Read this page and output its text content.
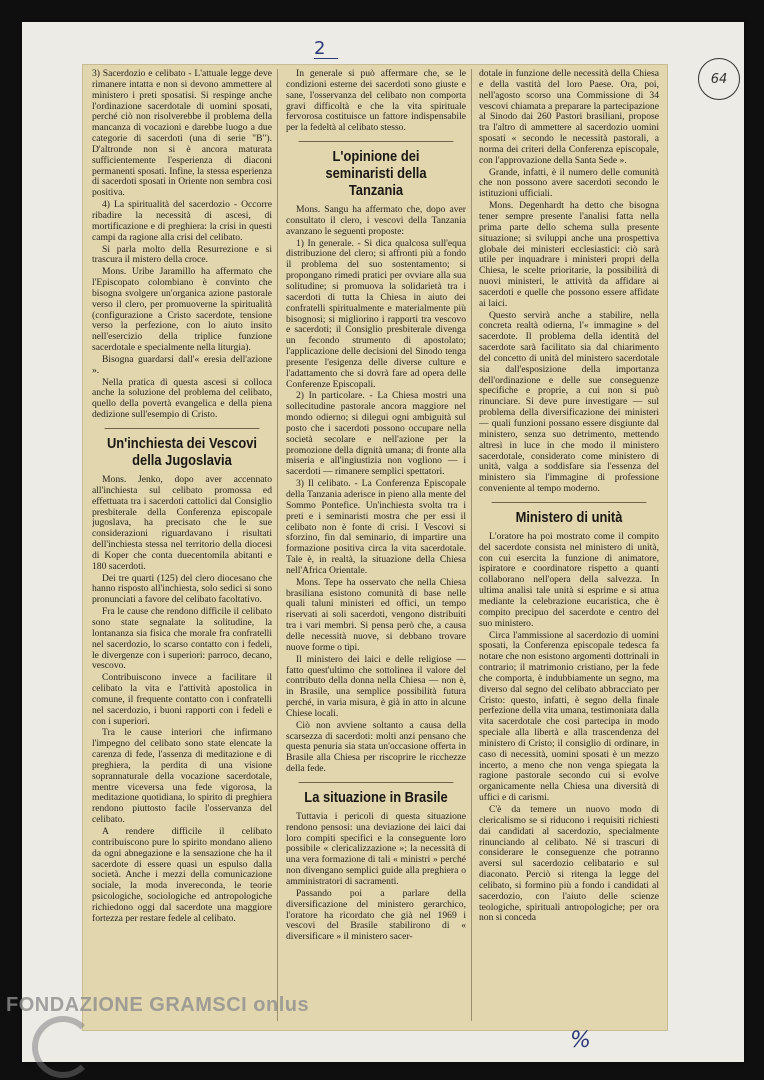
2
64

3) Sacerdozio e celibato - L'attuale legge deve rimanere intatta e non si devono ammettere al ministero i preti sposatisi. Si respinge anche l'ordinazione sacerdotale di uomini sposati, perché ciò non risolverebbe il problema della mancanza di vocazioni e darebbe luogo a due categorie di sacerdoti (una di serie "B"). D'altronde non si è ancora maturata sufficientemente l'esperienza di diaconi permanenti sposati. Infine, la stessa esperienza di sacerdoti sposati in Oriente non sembra così positiva.

4) La spiritualità del sacerdozio - Occorre ribadire la necessità di ascesi, di mortificazione e di preghiera: la crisi in questi campi da ragione alla crisi del celibato.

Si parla molto della Resurrezione e si trascura il mistero della croce.

Mons. Uribe Jaramillo ha affermato che l'Episcopato colombiano è convinto che bisogna svolgere un'organica azione pastorale verso il clero, per promuoverne la spiritualità (configurazione a Cristo sacerdote, tensione verso la perfezione, con lo aiuto insito nell'esercizio della triplice funzione sacerdotale e specialmente nella liturgia).

Bisogna guardarsi dall'« eresia dell'azione ».

Nella pratica di questa ascesi si colloca anche la soluzione del problema del celibato, quello della povertà evangelica e della piena dedizione sull'esempio di Cristo.

Un'inchiesta dei Vescovi della Jugoslavia

Mons. Jenko, dopo aver accennato all'inchiesta sul celibato promossa ed effettuata tra i sacerdoti cattolici dal Consiglio presbiterale della Conferenza episcopale jugoslava, ha precisato che le sue considerazioni riguardavano i risultati dell'inchiesta stessa nel territorio della diocesi di Koper che conta duecentomila abitanti e 180 sacerdoti.

Dei tre quarti (125) del clero diocesano che hanno risposto all'inchiesta, solo sedici si sono pronunciati a favore del celibato facoltativo.

Fra le cause che rendono difficile il celibato sono state segnalate la solitudine, la lontananza sia fisica che morale fra confratelli nel sacerdozio, lo scarso contatto con i fedeli, le divergenze con i superiori: parroco, decano, vescovo.

Contribuiscono invece a facilitare il celibato la vita e l'attività apostolica in comune, il frequente contatto con i confratelli nel sacerdozio, i buoni rapporti con i fedeli e con i superiori.

Tra le cause interiori che infirmano l'impegno del celibato sono state elencate la carenza di fede, l'assenza di meditazione e di preghiera, la perdita di una visione soprannaturale della vocazione sacerdotale, mentre viceversa una fede vigorosa, la meditazione quotidiana, lo spirito di preghiera rendono piuttosto facile l'osservanza del celibato.

A rendere difficile il celibato contribuiscono pure lo spirito mondano alieno da ogni abnegazione e la sensazione che ha il sacerdote di essere quasi un espulso dalla società. Anche i mezzi della comunicazione sociale, la moda invereconda, le teorie psicologiche, sociologiche ed antropologiche richiedono oggi dal sacerdote una maggiore fortezza per restare fedele al celibato.

In generale si può affermare che, se le condizioni esterne dei sacerdoti sono giuste e sane, l'osservanza del celibato non comporta gravi difficoltà e che la vita spirituale fervorosa costituisce un fattore indispensabile per la fedeltà al celibato stesso.

L'opinione dei seminaristi della Tanzania

Mons. Sangu ha affermato che, dopo aver consultato il clero, i vescovi della Tanzania avanzano le seguenti proposte:

1) In generale. - Si dica qualcosa sull'equa distribuzione del clero; si affronti più a fondo il problema del suo sostentamento; si propongano rimedi pratici per ovviare alla sua solitudine; si promuova la solidarietà tra i sacerdoti di tutta la Chiesa in aiuto dei confratelli spiritualmente e materialmente più bisognosi; si migliorino i rapporti tra vescovo e sacerdoti; il Consiglio presbiterale divenga un fecondo strumento di apostolato; l'applicazione delle decisioni del Sinodo tenga presente l'esigenza delle diverse culture e l'adattamento che si dovrà fare ad opera delle Conferenze Episcopali.

2) In particolare. - La Chiesa mostri una sollecitudine pastorale ancora maggiore nel mondo odierno; si dilegui ogni ambiguità sul posto che i sacerdoti possono occupare nella società secolare e nell'azione per la promozione della dignità umana; di fronte alla miseria e all'ingiustizia non vogliono — i sacerdoti — rimanere semplici spettatori.

3) Il celibato. - La Conferenza Episcopale della Tanzania aderisce in pieno alla mente del Sommo Pontefice. Un'inchiesta svolta tra i preti e i seminaristi mostra che per essi il celibato non è fonte di crisi. I Vescovi si sforzino, fin dal seminario, di impartire una formazione positiva circa la vita sacerdotale. Tale è, in realtà, la situazione della Chiesa nell'Africa Orientale.

Mons. Tepe ha osservato che nella Chiesa brasiliana esistono comunità di base nelle quali taluni ministeri ed offici, un tempo riservati ai soli sacerdoti, vengono distribuiti tra i vari membri. Si pensa però che, a causa delle necessità nuove, si debbano trovare nuove forme o tipi.

Il ministero dei laici e delle religiose — fatto quest'ultimo che sottolinea il valore del contributo della donna nella Chiesa — non è, in Brasile, una semplice possibilità futura perché, in varia misura, è già in atto in alcune Chiese locali.

Ciò non avviene soltanto a causa della scarsezza di sacerdoti: molti anzi pensano che questa penuria sia stata un'occasione offerta in Brasile alla Chiesa per riscoprire le ricchezze della fede.

La situazione in Brasile

Tuttavia i pericoli di questa situazione rendono pensosi: una deviazione dei laici dai loro compiti specifici e la conseguente loro possibile « clericalizzazione »; la necessità di una vera formazione di tali « ministri » perché non divengano semplici guide alla preghiera o amministratori di sacramenti.

Passando poi a parlare della diversificazione del ministero gerarchico, l'oratore ha ricordato che già nel 1969 i vescovi del Brasile stabilirono di « diversificare » il ministero sacer-

dotale in funzione delle necessità della Chiesa e della vastità del loro Paese. Ora, poi, nell'agosto scorso una Commissione di 34 vescovi chiamata a preparare la partecipazione al Sinodo dai 260 Pastori brasiliani, propose tra l'altro di ammettere al sacerdozio uomini sposati « secondo le necessità pastorali, a norma dei criteri della Conferenza episcopale, con l'approvazione della Santa Sede ».

Grande, infatti, è il numero delle comunità che non possono avere sacerdoti secondo le istituzioni ufficiali.

Mons. Degenhardt ha detto che bisogna tener sempre presente l'analisi fatta nella prima parte dello schema sulla presente situazione; si sviluppi anche una prospettiva globale dei ministeri ecclesiastici: ciò sarà utile per inquadrare i ministeri propri della Chiesa, le scelte prioritarie, la possibilità di nuovi ministeri, le attività da affidare ai sacerdoti e quelle che possono essere affidate ai laici.

Questo servirà anche a stabilire, nella concreta realtà odierna, l'« immagine » del sacerdote. Il problema della identità del sacerdote sarà facilitato sia dal chiarimento del concetto di unità del ministero sacerdotale sia dall'esposizione della importanza dell'ordinazione e delle sue conseguenze specifiche e proprie, a cui non si può rinunciare. Si deve pure investigare — sul problema della diversificazione dei ministeri — quali funzioni possano essere disgiunte dal ministero, senza suo detrimento, mettendo altresì in luce in che modo il ministero sacerdotale, considerato come ministero di unità, valga a soddisfare sia l'essenza del ministero sia l'immagine di professione conveniente al tempo moderno.

Ministero di unità

L'oratore ha poi mostrato come il compito del sacerdote consista nel ministero di unità, con cui esercita la funzione di animatore, ispiratore e coordinatore rispetto a quanti collaborano nell'opera della salvezza. In ultima analisi tale unità si esprime e si attua mediante la celebrazione eucaristica, che è compito precipuo del sacerdote e centro del suo ministero.

Circa l'ammissione al sacerdozio di uomini sposati, la Conferenza episcopale tedesca fa notare che non esistono argomenti dottrinali in contrario; il matrimonio cristiano, per la fede che comporta, è indubbiamente un segno, ma diverso dal segno del celibato abbracciato per Cristo: questo, infatti, è segno della finale perfezione della vita umana, testimoniata dalla vita sacerdotale che così partecipa in modo speciale alla libertà e alla trascendenza del ministero di Cristo; il consiglio di ordinare, in caso di necessità, uomini sposati è un mezzo incerto, a meno che non venga spiegata la ragione pastorale secondo cui si evolve organicamente nella Chiesa una diversità di uffici e di carismi.

C'è da temere un nuovo modo di clericalismo se si riducono i requisiti richiesti dai candidati al sacerdozio, specialmente rinunciando al celibato. Né si trascuri di considerare le conseguenze che potranno aversi sul sacerdozio celibatario e sul diaconato. Perciò si ritenga la legge del celibato, si formino più a fondo i candidati al sacerdozio, con l'aiuto delle scienze teologiche, spirituali antropologiche; per ora non si conceda

%
FONDAZIONE GRAMSCI onlus
